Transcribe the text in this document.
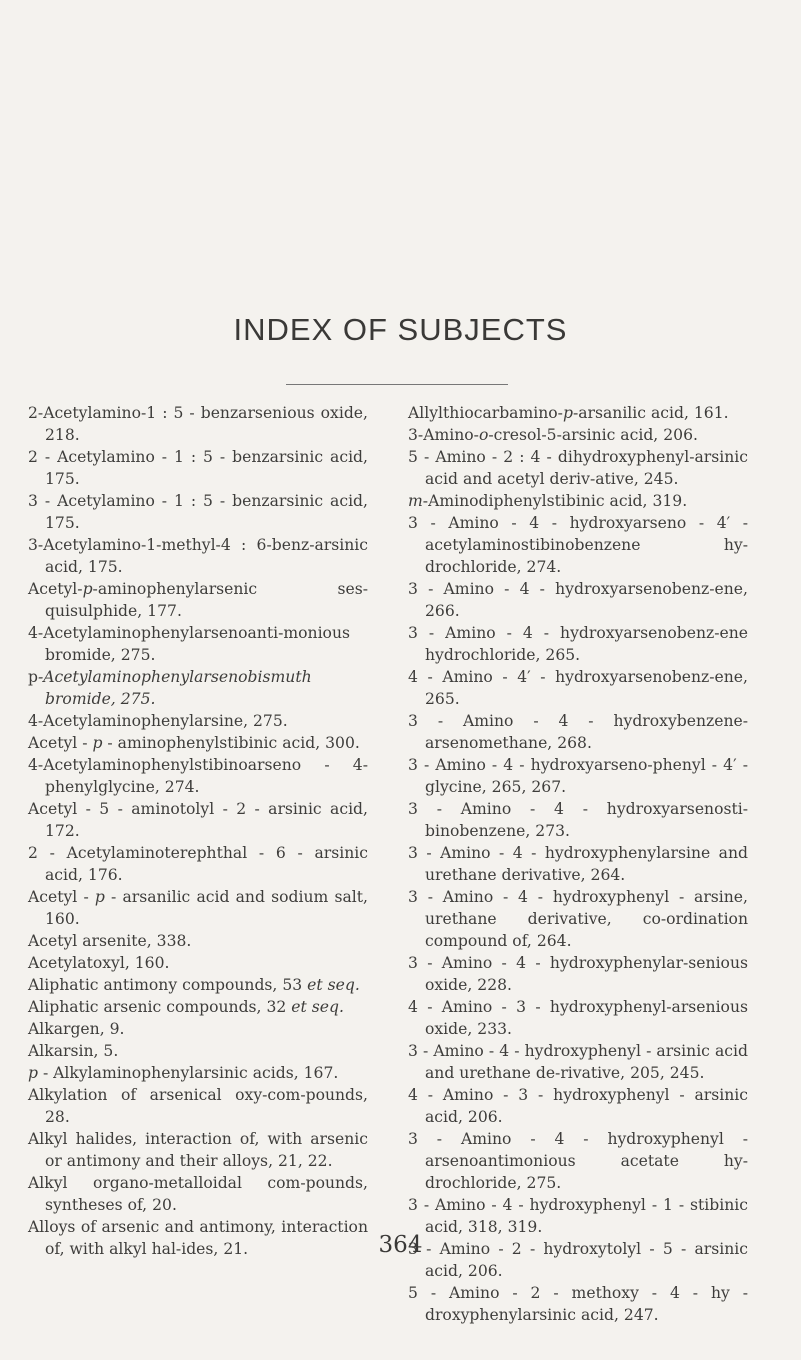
INDEX OF SUBJECTS

2-Acetylamino-1 : 5 - benzarsenious oxide, 218.

2 - Acetylamino - 1 : 5 - benzarsinic acid, 175.

3 - Acetylamino - 1 : 5 - benzarsinic acid, 175.

3-Acetylamino-1-methyl-4 : 6-benz-arsinic acid, 175.

Acetyl-p-aminophenylarsenic ses-quisulphide, 177.

4-Acetylaminophenylarsenoanti-monious bromide, 275.

p-Acetylaminophenylarsenobismuth bromide, 275.

4-Acetylaminophenylarsine, 275.

Acetyl - p - aminophenylstibinic acid, 300.

4-Acetylaminophenylstibinoarseno - 4-phenylglycine, 274.

Acetyl - 5 - aminotolyl - 2 - arsinic acid, 172.

2 - Acetylaminoterephthal - 6 - arsinic acid, 176.

Acetyl - p - arsanilic acid and sodium salt, 160.

Acetyl arsenite, 338.

Acetylatoxyl, 160.

Aliphatic antimony compounds, 53 et seq.

Aliphatic arsenic compounds, 32 et seq.

Alkargen, 9.

Alkarsin, 5.

p - Alkylaminophenylarsinic acids, 167.

Alkylation of arsenical oxy-com-pounds, 28.

Alkyl halides, interaction of, with arsenic or antimony and their alloys, 21, 22.

Alkyl organo-metalloidal com-pounds, syntheses of, 20.

Alloys of arsenic and antimony, interaction of, with alkyl hal-ides, 21.

Allylthiocarbamino-p-arsanilic acid, 161.

3-Amino-o-cresol-5-arsinic acid, 206.

5 - Amino - 2 : 4 - dihydroxyphenyl-arsinic acid and acetyl deriv-ative, 245.

m-Aminodiphenylstibinic acid, 319.

3 - Amino - 4 - hydroxyarseno - 4′ - acetylaminostibinobenzene hy-drochloride, 274.

3 - Amino - 4 - hydroxyarsenobenz-ene, 266.

3 - Amino - 4 - hydroxyarsenobenz-ene hydrochloride, 265.

4 - Amino - 4′ - hydroxyarsenobenz-ene, 265.

3 - Amino - 4 - hydroxybenzene-arsenomethane, 268.

3 - Amino - 4 - hydroxyarseno-phenyl - 4′ - glycine, 265, 267.

3 - Amino - 4 - hydroxyarsenosti-binobenzene, 273.

3 - Amino - 4 - hydroxyphenylarsine and urethane derivative, 264.

3 - Amino - 4 - hydroxyphenyl - arsine, urethane derivative, co-ordination compound of, 264.

3 - Amino - 4 - hydroxyphenylar-senious oxide, 228.

4 - Amino - 3 - hydroxyphenyl-arsenious oxide, 233.

3 - Amino - 4 - hydroxyphenyl - arsinic acid and urethane de-rivative, 205, 245.

4 - Amino - 3 - hydroxyphenyl - arsinic acid, 206.

3 - Amino - 4 - hydroxyphenyl - arsenoantimonious acetate hy-drochloride, 275.

3 - Amino - 4 - hydroxyphenyl - 1 - stibinic acid, 318, 319.

3 - Amino - 2 - hydroxytolyl - 5 - arsinic acid, 206.

5 - Amino - 2 - methoxy - 4 - hy - droxyphenylarsinic acid, 247.

364
